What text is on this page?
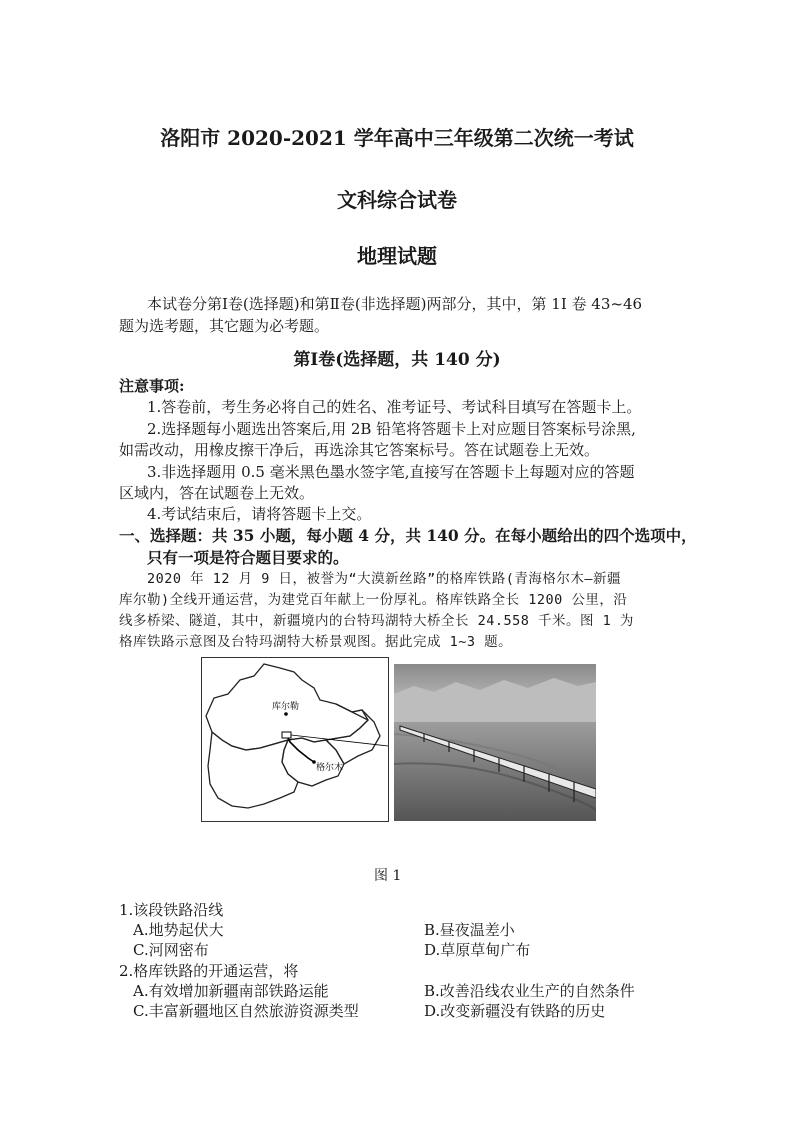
洛阳市 2020-2021 学年高中三年级第二次统一考试
文科综合试卷
地理试题
本试卷分第Ⅰ卷(选择题)和第Ⅱ卷(非选择题)两部分，其中，第 1I 卷 43~46
题为选考题，其它题为必考题。
第Ⅰ卷(选择题，共 140 分)
注意事项:
1.答卷前，考生务必将自己的姓名、准考证号、考试科目填写在答题卡上。
2.选择题每小题选出答案后,用 2B 铅笔将答题卡上对应题目答案标号涂黑,
如需改动，用橡皮擦干净后，再选涂其它答案标号。答在试题卷上无效。
3.非选择题用 0.5 毫米黑色墨水签字笔,直接写在答题卡上每题对应的答题
区域内，答在试题卷上无效。
4.考试结束后，请将答题卡上交。
一、选择题：共 35 小题，每小题 4 分，共 140 分。在每小题给出的四个选项中，
只有一项是符合题目要求的。
2020 年 12 月 9 日，被誉为“大漠新丝路”的格库铁路(青海格尔木—新疆
库尔勒)全线开通运营，为建党百年献上一份厚礼。格库铁路全长 1200 公里，沿
线多桥梁、隧道，其中，新疆境内的台特玛湖特大桥全长 24.558 千米。图 1 为
格库铁路示意图及台特玛湖特大桥景观图。据此完成 1~3 题。
库尔勒
格尔木
图 1
1.该段铁路沿线
A.地势起伏大	B.昼夜温差小
C.河网密布	D.草原草甸广布
2.格库铁路的开通运营，将
A.有效增加新疆南部铁路运能	B.改善沿线农业生产的自然条件
C.丰富新疆地区自然旅游资源类型	D.改变新疆没有铁路的历史
